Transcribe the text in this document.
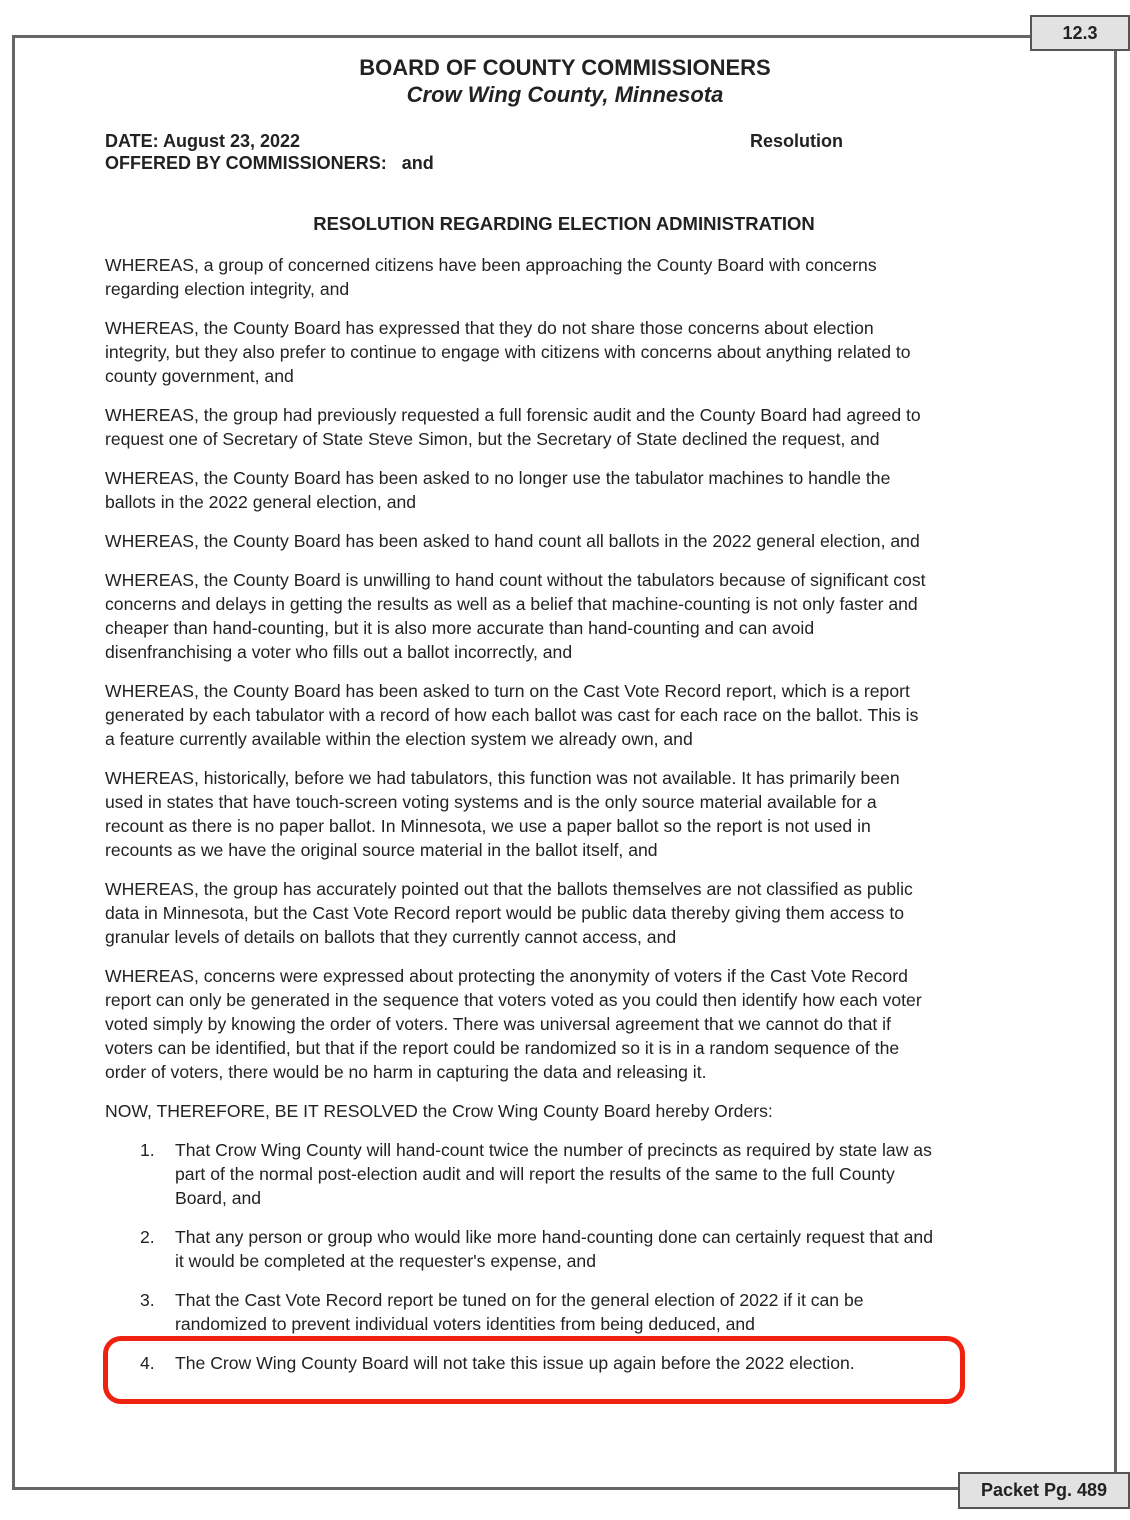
12.3
Packet Pg. 489
BOARD OF COUNTY COMMISSIONERS
Crow Wing County, Minnesota
DATE: August 23, 2022
OFFERED BY COMMISSIONERS:   and
Resolution
RESOLUTION REGARDING ELECTION ADMINISTRATION
WHEREAS, a group of concerned citizens have been approaching the County Board with concerns
regarding election integrity, and
WHEREAS, the County Board has expressed that they do not share those concerns about election
integrity, but they also prefer to continue to engage with citizens with concerns about anything related to
county government, and
WHEREAS, the group had previously requested a full forensic audit and the County Board had agreed to
request one of Secretary of State Steve Simon, but the Secretary of State declined the request, and
WHEREAS, the County Board has been asked to no longer use the tabulator machines to handle the
ballots in the 2022 general election, and
WHEREAS, the County Board has been asked to hand count all ballots in the 2022 general election, and
WHEREAS, the County Board is unwilling to hand count without the tabulators because of significant cost
concerns and delays in getting the results as well as a belief that machine-counting is not only faster and
cheaper than hand-counting, but it is also more accurate than hand-counting and can avoid
disenfranchising a voter who fills out a ballot incorrectly, and
WHEREAS, the County Board has been asked to turn on the Cast Vote Record report, which is a report
generated by each tabulator with a record of how each ballot was cast for each race on the ballot. This is
a feature currently available within the election system we already own, and
WHEREAS, historically, before we had tabulators, this function was not available. It has primarily been
used in states that have touch-screen voting systems and is the only source material available for a
recount as there is no paper ballot. In Minnesota, we use a paper ballot so the report is not used in
recounts as we have the original source material in the ballot itself, and
WHEREAS, the group has accurately pointed out that the ballots themselves are not classified as public
data in Minnesota, but the Cast Vote Record report would be public data thereby giving them access to
granular levels of details on ballots that they currently cannot access, and
WHEREAS, concerns were expressed about protecting the anonymity of voters if the Cast Vote Record
report can only be generated in the sequence that voters voted as you could then identify how each voter
voted simply by knowing the order of voters. There was universal agreement that we cannot do that if
voters can be identified, but that if the report could be randomized so it is in a random sequence of the
order of voters, there would be no harm in capturing the data and releasing it.
NOW, THEREFORE, BE IT RESOLVED the Crow Wing County Board hereby Orders:
1.	That Crow Wing County will hand-count twice the number of precincts as required by state law as
part of the normal post-election audit and will report the results of the same to the full County
Board, and
2.	That any person or group who would like more hand-counting done can certainly request that and
it would be completed at the requester's expense, and
3.	That the Cast Vote Record report be tuned on for the general election of 2022 if it can be
randomized to prevent individual voters identities from being deduced, and
4.	The Crow Wing County Board will not take this issue up again before the 2022 election.
